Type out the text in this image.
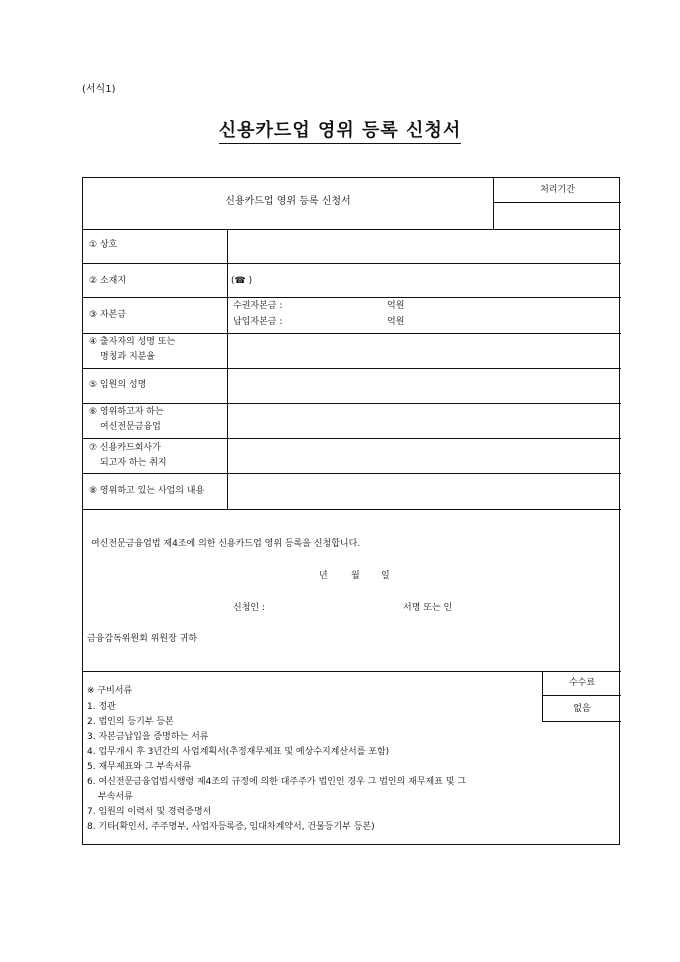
(서식1)
신용카드업 영위 등록 신청서
신용카드업 영위 등록 신청서
처리기간
① 상호
② 소재지	(☎ )
③ 자본금
수권자본금 :	억원
납입자본금 :	억원
④ 출자자의 성명 또는
명칭과 지분율
⑤ 임원의 성명
⑥ 영위하고자 하는
여신전문금융업
⑦ 신용카드회사가
되고자 하는 취지
⑧ 영위하고 있는 사업의 내용
여신전문금융업법 제4조에 의한 신용카드업 영위 등록을 신청합니다.
년	월 일
신청인 :	서명 또는 인
금융감독위원회 위원장 귀하
수수료
없음
※ 구비서류
1. 정관
2. 법인의 등기부 등본
3. 자본금납입을 증명하는 서류
4. 업무개시 후 3년간의 사업계획서(추정재무제표 및 예상수지계산서를 포함)
5. 재무제표와 그 부속서류
6. 여신전문금융업법시행령 제4조의 규정에 의한 대주주가 법인인 경우 그 법인의 재무제표 및 그
부속서류
7. 임원의 이력서 및 경력증명서
8. 기타(확인서, 주주명부, 사업자등록증, 임대차계약서, 건물등기부 등본)
